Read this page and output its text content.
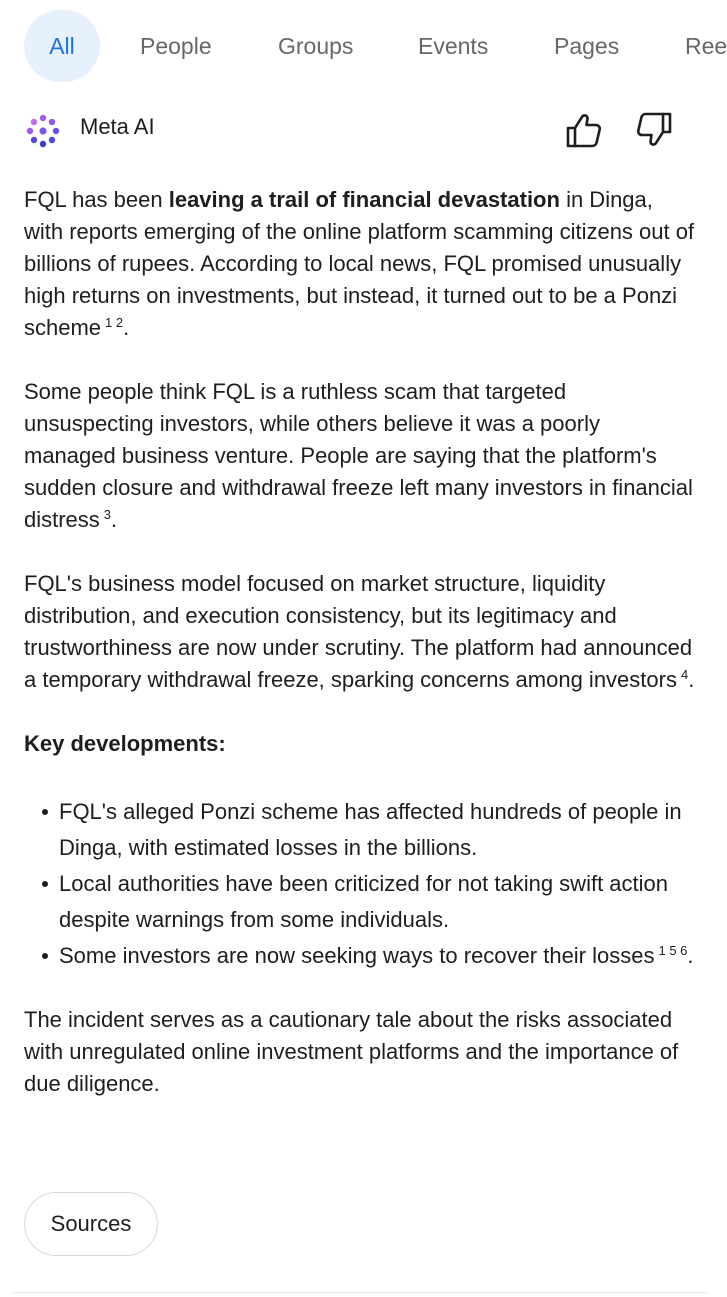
All	People	Groups	Events	Pages	Ree
Meta AI

FQL has been leaving a trail of financial devastation in Dinga, with reports emerging of the online platform scamming citizens out of billions of rupees. According to local news, FQL promised unusually high returns on investments, but instead, it turned out to be a Ponzi scheme $^{1 2}$.

Some people think FQL is a ruthless scam that targeted unsuspecting investors, while others believe it was a poorly managed business venture. People are saying that the platform's sudden closure and withdrawal freeze left many investors in financial distress $^3$.

FQL's business model focused on market structure, liquidity distribution, and execution consistency, but its legitimacy and trustworthiness are now under scrutiny. The platform had announced a temporary withdrawal freeze, sparking concerns among investors $^4$.

Key developments:
FQL's alleged Ponzi scheme has affected hundreds of people in Dinga, with estimated losses in the billions.
Local authorities have been criticized for not taking swift action despite warnings from some individuals.
Some investors are now seeking ways to recover their losses $^{1 5 6}$.

The incident serves as a cautionary tale about the risks associated with unregulated online investment platforms and the importance of due diligence.

Sources
